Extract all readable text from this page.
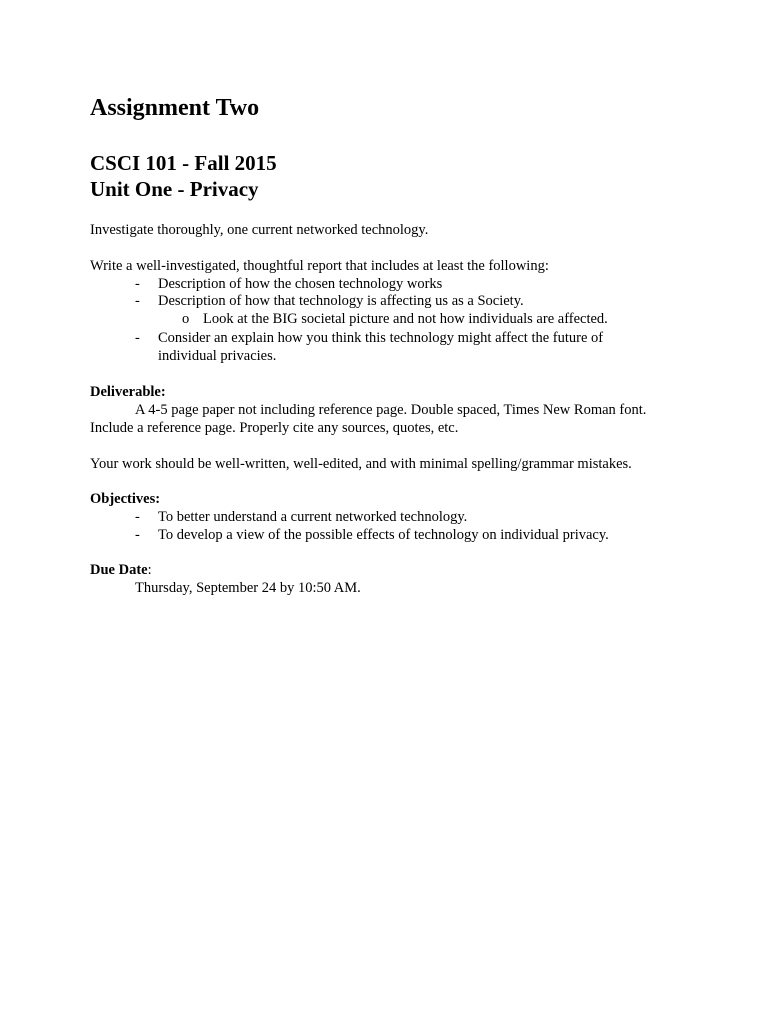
Assignment Two
CSCI 101 - Fall 2015
Unit One - Privacy

Investigate thoroughly, one current networked technology.

Write a well-investigated, thoughtful report that includes at least the following:

- Description of how the chosen technology works
- Description of how that technology is affecting us as a Society.
o Look at the BIG societal picture and not how individuals are affected.
- Consider an explain how you think this technology might affect the future of
individual privacies.

Deliverable:

A 4-5 page paper not including reference page. Double spaced, Times New Roman font.

Include a reference page. Properly cite any sources, quotes, etc.

Your work should be well-written, well-edited, and with minimal spelling/grammar mistakes.

Objectives:

- To better understand a current networked technology.
- To develop a view of the possible effects of technology on individual privacy.

Due Date:

Thursday, September 24 by 10:50 AM.
